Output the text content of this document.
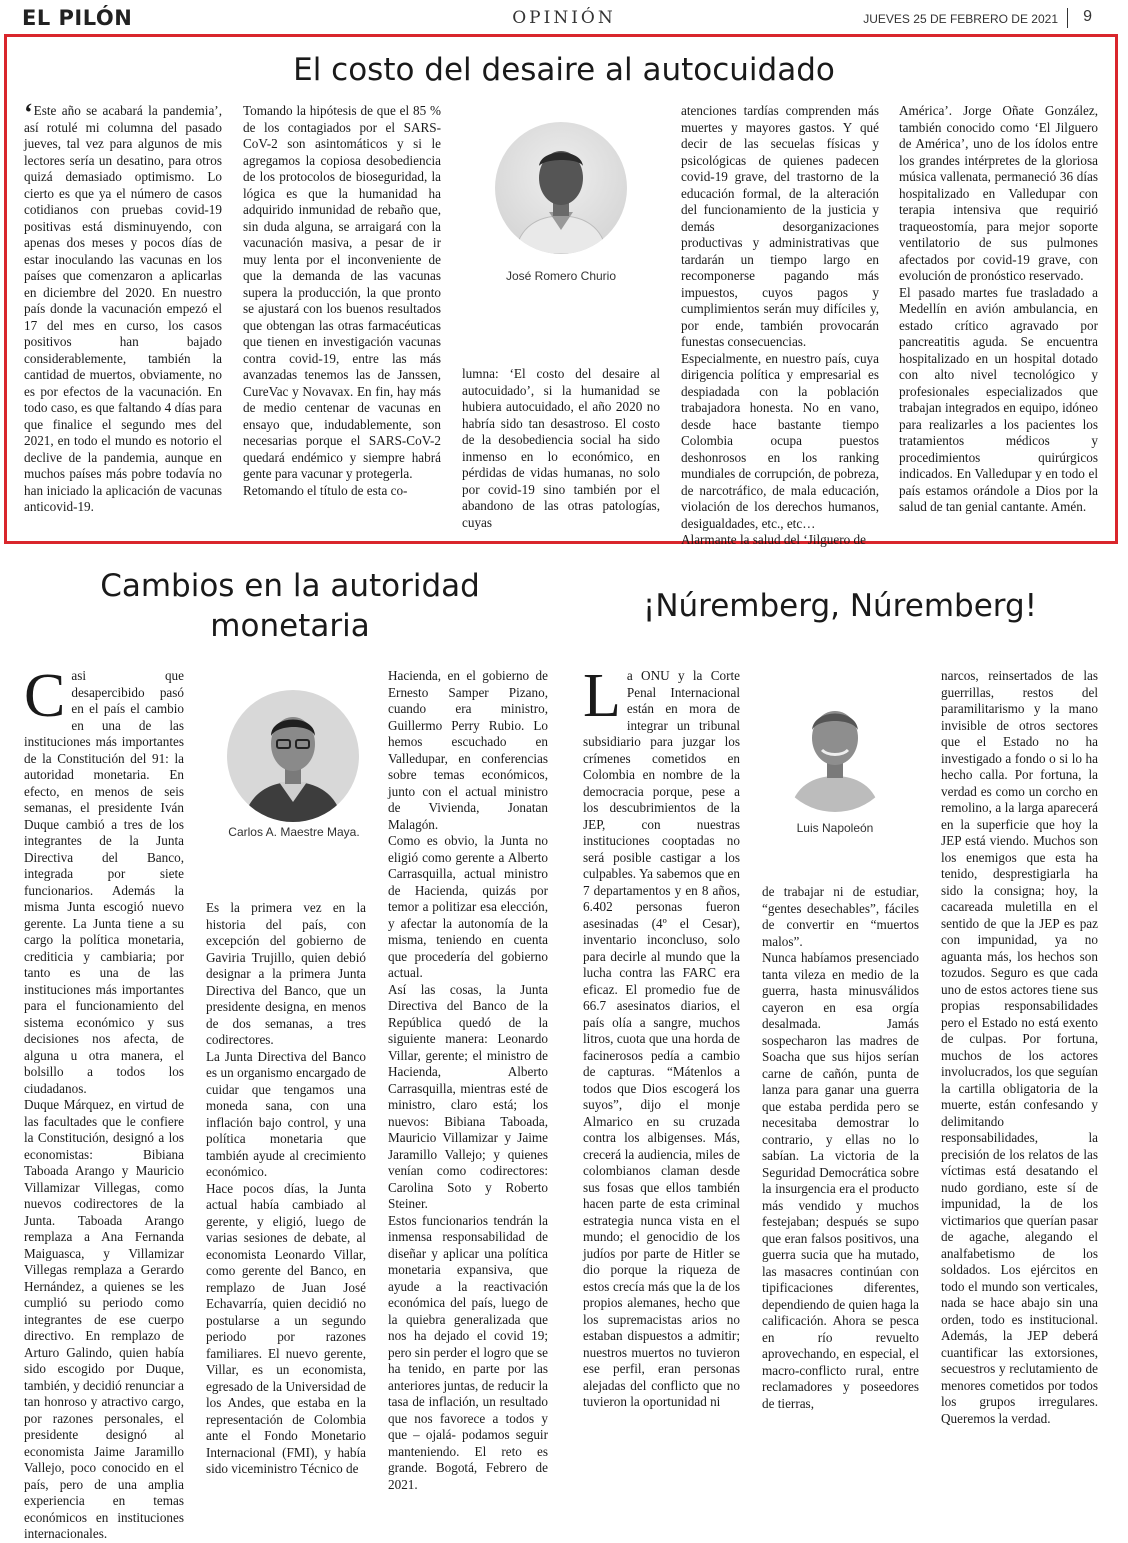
EL PILÓN	OPINIÓN	JUEVES 25 DE FEBRERO DE 2021 9
El costo del desaire al autocuidado

‘Este año se acabará la pandemia’, así rotulé mi columna del pasado jueves, tal vez para algunos de mis lectores sería un desatino, para otros quizá demasiado optimismo. Lo cierto es que ya el número de casos cotidianos con pruebas covid-19 positivas está disminuyendo, con apenas dos meses y pocos días de estar inoculando las vacunas en los países que comenzaron a aplicarlas en diciembre del 2020. En nuestro país donde la vacunación empezó el 17 del mes en curso, los casos positivos han bajado considerablemente, también la cantidad de muertos, obviamente, no es por efectos de la vacunación. En todo caso, es que faltando 4 días para que finalice el segundo mes del 2021, en todo el mundo es notorio el declive de la pandemia, aunque en muchos países más pobre todavía no han iniciado la aplicación de vacunas anticovid-19.

Tomando la hipótesis de que el 85 % de los contagiados por el SARS-CoV-2 son asintomáticos y si le agregamos la copiosa desobediencia de los protocolos de bioseguridad, la lógica es que la humanidad ha adquirido inmunidad de rebaño que, sin duda alguna, se arraigará con la vacunación masiva, a pesar de ir muy lenta por el inconveniente de que la demanda de las vacunas supera la producción, la que pronto se ajustará con los buenos resultados que obtengan las otras farmacéuticas que tienen en investigación vacunas contra covid-19, entre las más avanzadas tenemos las de Janssen, CureVac y Novavax. En fin, hay más de medio centenar de vacunas en ensayo que, indudablemente, son necesarias porque el SARS-CoV-2 quedará endémico y siempre habrá gente para vacunar y protegerla.

Retomando el título de esta co-

José Romero Churio

lumna: ‘El costo del desaire al autocuidado’, si la humanidad se hubiera autocuidado, el año 2020 no habría sido tan desastroso. El costo de la desobediencia social ha sido inmenso en lo económico, en pérdidas de vidas humanas, no solo por covid-19 sino también por el abandono de las otras patologías, cuyas

atenciones tardías comprenden más muertes y mayores gastos. Y qué decir de las secuelas físicas y psicológicas de quienes padecen covid-19 grave, del trastorno de la educación formal, de la alteración del funcionamiento de la justicia y demás desorganizaciones productivas y administrativas que tardarán un tiempo largo en recomponerse pagando más impuestos, cuyos pagos y cumplimientos serán muy difíciles y, por ende, también provocarán funestas consecuencias.

Especialmente, en nuestro país, cuya dirigencia política y empresarial es despiadada con la población trabajadora honesta. No en vano, desde hace bastante tiempo Colombia ocupa puestos deshonrosos en los ranking mundiales de corrupción, de pobreza, de narcotráfico, de mala educación, violación de los derechos humanos, desigualdades, etc., etc…

Alarmante la salud del ‘Jilguero de

América’. Jorge Oñate González, también conocido como ‘El Jilguero de América’, uno de los ídolos entre los grandes intérpretes de la gloriosa música vallenata, permaneció 36 días hospitalizado en Valledupar con terapia intensiva que requirió traqueostomía, para mejor soporte ventilatorio de sus pulmones afectados por covid-19 grave, con evolución de pronóstico reservado.

El pasado martes fue trasladado a Medellín en avión ambulancia, en estado crítico agravado por pancreatitis aguda. Se encuentra hospitalizado en un hospital dotado con alto nivel tecnológico y profesionales especializados que trabajan integrados en equipo, idóneo para realizarles a los pacientes los tratamientos médicos y procedimientos quirúrgicos indicados. En Valledupar y en todo el país estamos orándole a Dios por la salud de tan genial cantante. Amén.

Cambios en la autoridad monetaria

Casi que desapercibido pasó en el país el cambio en una de las instituciones más importantes de la Constitución del 91: la autoridad monetaria. En efecto, en menos de seis semanas, el presidente Iván Duque cambió a tres de los integrantes de la Junta Directiva del Banco, integrada por siete funcionarios. Además la misma Junta escogió nuevo gerente. La Junta tiene a su cargo la política monetaria, crediticia y cambiaria; por tanto es una de las instituciones más importantes para el funcionamiento del sistema económico y sus decisiones nos afecta, de alguna u otra manera, el bolsillo a todos los ciudadanos.

Duque Márquez, en virtud de las facultades que le confiere la Constitución, designó a los economistas: Bibiana Taboada Arango y Mauricio Villamizar Villegas, como nuevos codirectores de la Junta. Taboada Arango remplaza a Ana Fernanda Maiguasca, y Villamizar Villegas remplaza a Gerardo Hernández, a quienes se les cumplió su periodo como integrantes de ese cuerpo directivo. En remplazo de Arturo Galindo, quien había sido escogido por Duque, también, y decidió renunciar a tan honroso y atractivo cargo, por razones personales, el presidente designó al economista Jaime Jaramillo Vallejo, poco conocido en el país, pero de una amplia experiencia en temas económicos en instituciones internacionales.

Carlos A. Maestre Maya.

Es la primera vez en la historia del país, con excepción del gobierno de Gaviria Trujillo, quien debió designar a la primera Junta Directiva del Banco, que un presidente designa, en menos de dos semanas, a tres codirectores.

La Junta Directiva del Banco es un organismo encargado de cuidar que tengamos una moneda sana, con una inflación bajo control, y una política monetaria que también ayude al crecimiento económico.

Hace pocos días, la Junta actual había cambiado al gerente, y eligió, luego de varias sesiones de debate, al economista Leonardo Villar, como gerente del Banco, en remplazo de Juan José Echavarría, quien decidió no postularse a un segundo periodo por razones familiares. El nuevo gerente, Villar, es un economista, egresado de la Universidad de los Andes, que estaba en la representación de Colombia ante el Fondo Monetario Internacional (FMI), y había sido viceministro Técnico de

Hacienda, en el gobierno de Ernesto Samper Pizano, cuando era ministro, Guillermo Perry Rubio. Lo hemos escuchado en Valledupar, en conferencias sobre temas económicos, junto con el actual ministro de Vivienda, Jonatan Malagón.

Como es obvio, la Junta no eligió como gerente a Alberto Carrasquilla, actual ministro de Hacienda, quizás por temor a politizar esa elección, y afectar la autonomía de la misma, teniendo en cuenta que procedería del gobierno actual.

Así las cosas, la Junta Directiva del Banco de la República quedó de la siguiente manera: Leonardo Villar, gerente; el ministro de Hacienda, Alberto Carrasquilla, mientras esté de ministro, claro está; los nuevos: Bibiana Taboada, Mauricio Villamizar y Jaime Jaramillo Vallejo; y quienes venían como codirectores: Carolina Soto y Roberto Steiner.

Estos funcionarios tendrán la inmensa responsabilidad de diseñar y aplicar una política monetaria expansiva, que ayude a la reactivación económica del país, luego de la quiebra generalizada que nos ha dejado el covid 19; pero sin perder el logro que se ha tenido, en parte por las anteriores juntas, de reducir la tasa de inflación, un resultado que nos favorece a todos y que – ojalá- podamos seguir manteniendo. El reto es grande. Bogotá, Febrero de 2021.

¡Núremberg, Núremberg!

La ONU y la Corte Penal Internacional están en mora de integrar un tribunal subsidiario para juzgar los crímenes cometidos en Colombia en nombre de la democracia porque, pese a los descubrimientos de la JEP, con nuestras instituciones cooptadas no será posible castigar a los culpables. Ya sabemos que en 7 departamentos y en 8 años, 6.402 personas fueron asesinadas (4º el Cesar), inventario inconcluso, solo para decirle al mundo que la lucha contra las FARC era eficaz. El promedio fue de 66.7 asesinatos diarios, el país olía a sangre, muchos litros, cuota que una horda de facinerosos pedía a cambio de capturas. “Mátenlos a todos que Dios escogerá los suyos”, dijo el monje Almarico en su cruzada contra los albigenses. Más, crecerá la audiencia, miles de colombianos claman desde sus fosas que ellos también hacen parte de esta criminal estrategia nunca vista en el mundo; el genocidio de los judíos por parte de Hitler se dio porque la riqueza de estos crecía más que la de los propios alemanes, hecho que los supremacistas arios no estaban dispuestos a admitir; nuestros muertos no tuvieron ese perfil, eran personas alejadas del conflicto que no tuvieron la oportunidad ni

Luis Napoleón

de trabajar ni de estudiar, “gentes desechables”, fáciles de convertir en “muertos malos”.

Nunca habíamos presenciado tanta vileza en medio de la guerra, hasta minusválidos cayeron en esa orgía desalmada. Jamás sospecharon las madres de Soacha que sus hijos serían carne de cañón, punta de lanza para ganar una guerra que estaba perdida pero se necesitaba demostrar lo contrario, y ellas no lo sabían. La victoria de la Seguridad Democrática sobre la insurgencia era el producto más vendido y muchos festejaban; después se supo que eran falsos positivos, una guerra sucia que ha mutado, las masacres continúan con tipificaciones diferentes, dependiendo de quien haga la calificación. Ahora se pesca en río revuelto aprovechando, en especial, el macro-conflicto rural, entre reclamadores y poseedores de tierras,

narcos, reinsertados de las guerrillas, restos del paramilitarismo y la mano invisible de otros sectores que el Estado no ha investigado a fondo o si lo ha hecho calla. Por fortuna, la verdad es como un corcho en remolino, a la larga aparecerá en la superficie que hoy la JEP está viendo. Muchos son los enemigos que esta ha tenido, desprestigiarla ha sido la consigna; hoy, la cacareada muletilla en el sentido de que la JEP es paz con impunidad, ya no aguanta más, los hechos son tozudos. Seguro es que cada uno de estos actores tiene sus propias responsabilidades pero el Estado no está exento de culpas. Por fortuna, muchos de los actores involucrados, los que seguían la cartilla obligatoria de la muerte, están confesando y delimitando responsabilidades, la precisión de los relatos de las víctimas está desatando el nudo gordiano, este sí de impunidad, la de los victimarios que querían pasar de agache, alegando el analfabetismo de los soldados. Los ejércitos en todo el mundo son verticales, nada se hace abajo sin una orden, todo es institucional. Además, la JEP deberá cuantificar las extorsiones, secuestros y reclutamiento de menores cometidos por todos los grupos irregulares. Queremos la verdad.
